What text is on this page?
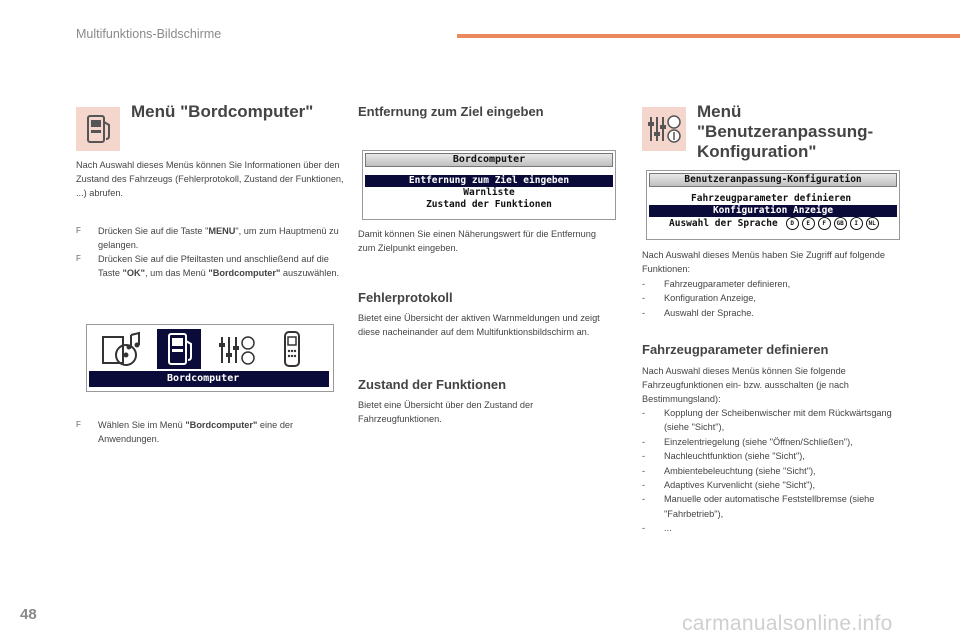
Multifunktions-Bildschirme
Menü "Bordcomputer"
Nach Auswahl dieses Menüs können Sie Informationen über den Zustand des Fahrzeugs (Fehlerprotokoll, Zustand der Funktionen, ...) abrufen.
F Drücken Sie auf die Taste "MENU", um zum Hauptmenü zu gelangen.
F Drücken Sie auf die Pfeiltasten und anschließend auf die Taste "OK", um das Menü "Bordcomputer" auszuwählen.
Bordcomputer
F Wählen Sie im Menü "Bordcomputer" eine der Anwendungen.
Entfernung zum Ziel eingeben
Bordcomputer
Entfernung zum Ziel eingeben
Warnliste
Zustand der Funktionen
Damit können Sie einen Näherungswert für die Entfernung zum Zielpunkt eingeben.
Fehlerprotokoll
Bietet eine Übersicht der aktiven Warnmeldungen und zeigt diese nacheinander auf dem Multifunktionsbildschirm an.
Zustand der Funktionen
Bietet eine Übersicht über den Zustand der Fahrzeugfunktionen.
Menü
"Benutzeranpassung-
Konfiguration"
Benutzeranpassung-Konfiguration
Fahrzeugparameter definieren
Konfiguration Anzeige
Auswahl der Sprache	D	E	F	GB	I	NL
Nach Auswahl dieses Menüs haben Sie Zugriff auf folgende Funktionen:
- Fahrzeugparameter definieren,
- Konfiguration Anzeige,
- Auswahl der Sprache.
Fahrzeugparameter definieren
Nach Auswahl dieses Menüs können Sie folgende Fahrzeugfunktionen ein- bzw. ausschalten (je nach Bestimmungsland):
- Kopplung der Scheibenwischer mit dem Rückwärtsgang (siehe "Sicht"),
- Einzelentriegelung (siehe "Öffnen/Schließen"),
- Nachleuchtfunktion (siehe "Sicht"),
- Ambientebeleuchtung (siehe "Sicht"),
- Adaptives Kurvenlicht (siehe "Sicht"),
- Manuelle oder automatische Feststellbremse (siehe "Fahrbetrieb"),
- ...
48	carmanualsonline.info
